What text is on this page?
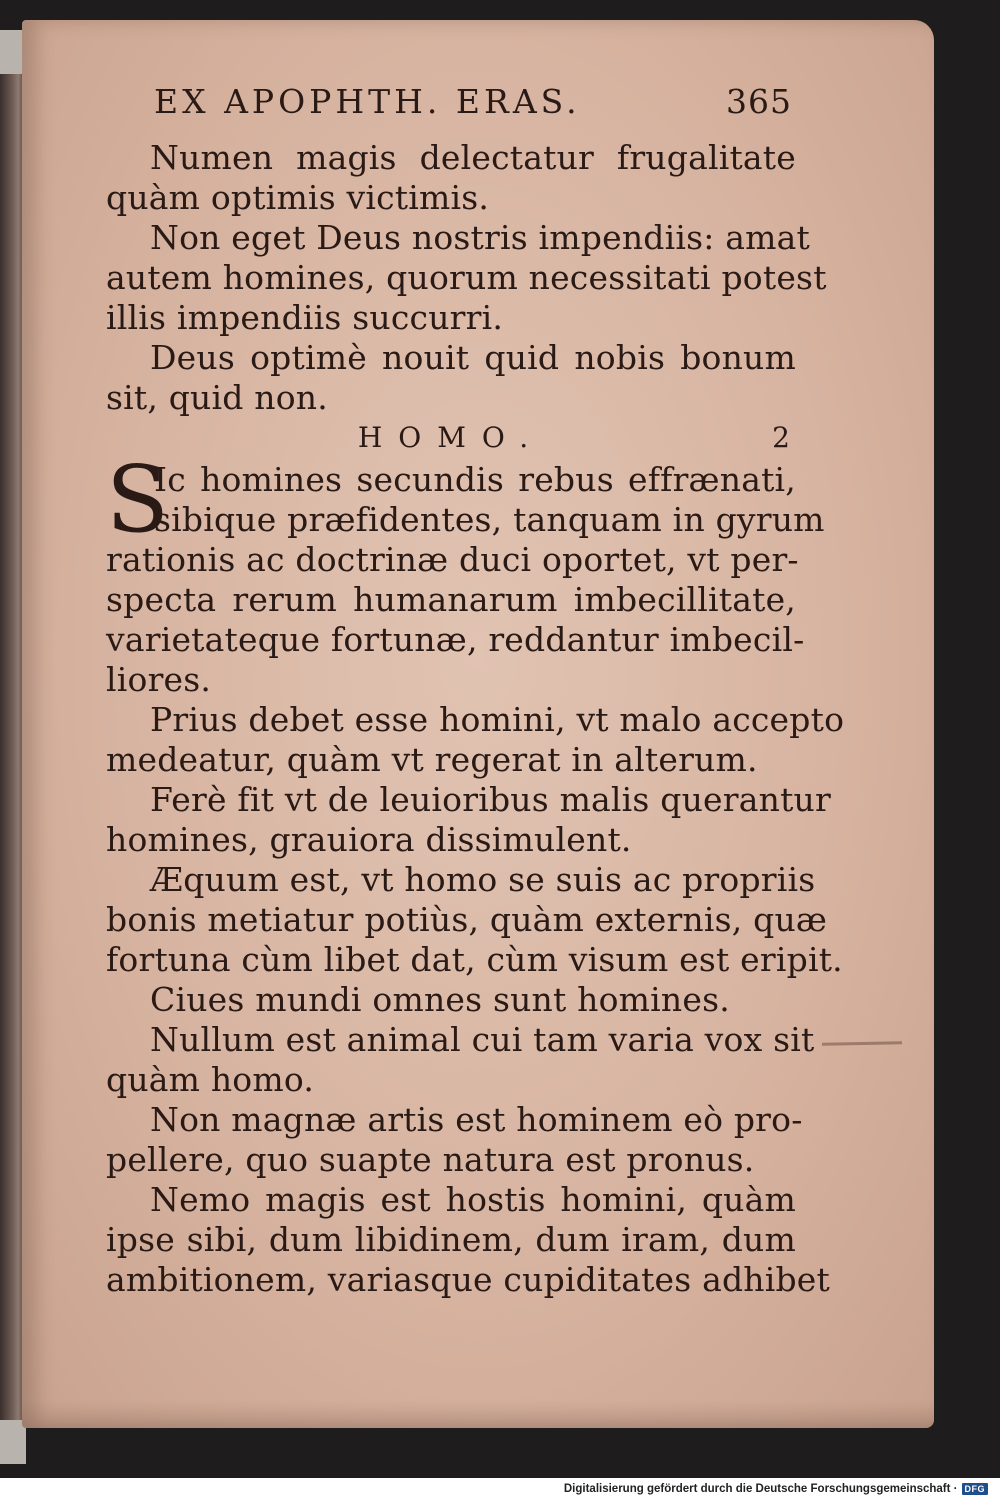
EX APOPHTH. ERAS.	365
Numen magis delectatur frugalitate
quàm optimis victimis.
Non eget Deus nostris impendiis: amat
autem homines, quorum necessitati potest
illis impendiis succurri.
Deus optimè nouit quid nobis bonum
sit, quid non.
HOMO.	2
S
Ic homines secundis rebus effrænati,
sibique præfidentes, tanquam in gyrum
rationis ac doctrinæ duci oportet, vt per-
specta rerum humanarum imbecillitate,
varietateque fortunæ, reddantur imbecil-
liores.
Prius debet esse homini, vt malo accepto
medeatur, quàm vt regerat in alterum.
Ferè fit vt de leuioribus malis querantur
homines, grauiora dissimulent.
Æquum est, vt homo se suis ac propriis
bonis metiatur potiùs, quàm externis, quæ
fortuna cùm libet dat, cùm visum est eripit.
Ciues mundi omnes sunt homines.
Nullum est animal cui tam varia vox sit
quàm homo.
Non magnæ artis est hominem eò pro-
pellere, quo suapte natura est pronus.
Nemo magis est hostis homini, quàm
ipse sibi, dum libidinem, dum iram, dum
ambitionem, variasque cupiditates adhibet
Digitalisierung gefördert durch die Deutsche Forschungsgemeinschaft · DFG
